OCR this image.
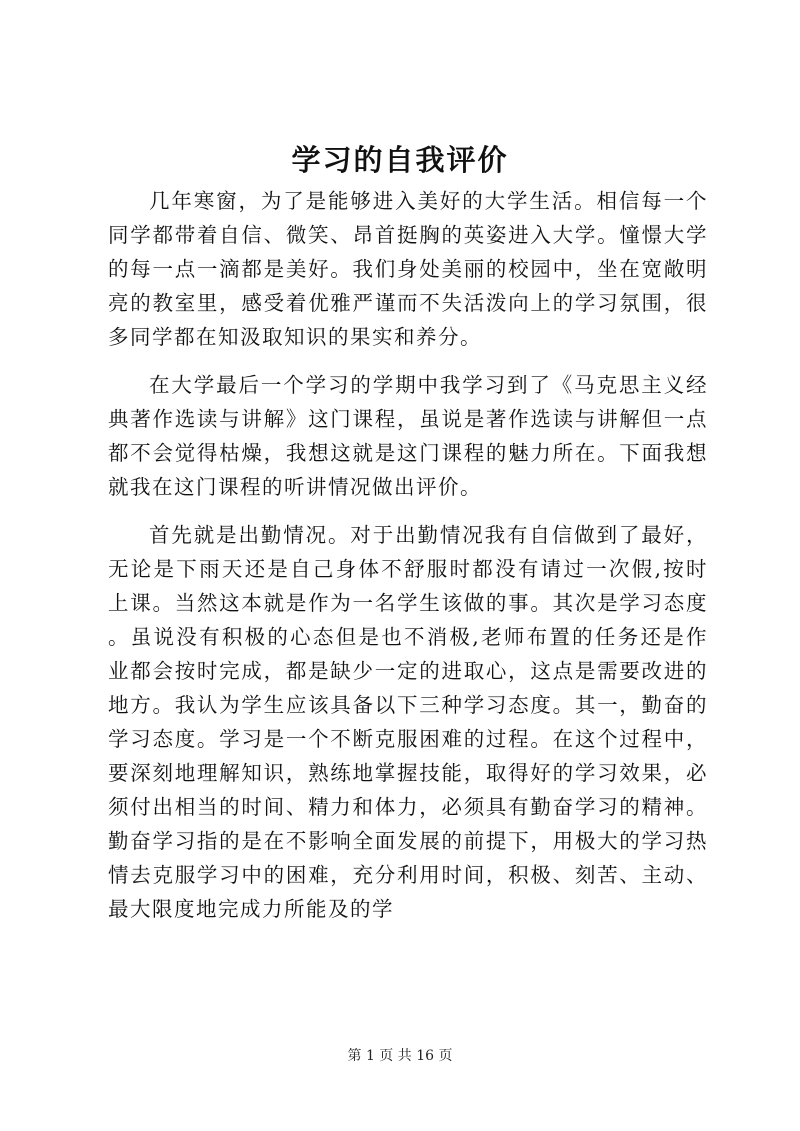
学习的自我评价

几年寒窗，为了是能够进入美好的大学生活。相信每一个同学都带着自信、微笑、昂首挺胸的英姿进入大学。憧憬大学的每一点一滴都是美好。我们身处美丽的校园中，坐在宽敞明亮的教室里，感受着优雅严谨而不失活泼向上的学习氛围，很多同学都在知汲取知识的果实和养分。

在大学最后一个学习的学期中我学习到了《马克思主义经典著作选读与讲解》这门课程，虽说是著作选读与讲解但一点都不会觉得枯燥，我想这就是这门课程的魅力所在。下面我想就我在这门课程的听讲情况做出评价。

首先就是出勤情况。对于出勤情况我有自信做到了最好，无论是下雨天还是自己身体不舒服时都没有请过一次假,按时上课。当然这本就是作为一名学生该做的事。其次是学习态度。虽说没有积极的心态但是也不消极,老师布置的任务还是作业都会按时完成，都是缺少一定的进取心，这点是需要改进的地方。我认为学生应该具备以下三种学习态度。其一，勤奋的学习态度。学习是一个不断克服困难的过程。在这个过程中，要深刻地理解知识，熟练地掌握技能，取得好的学习效果，必须付出相当的时间、精力和体力，必须具有勤奋学习的精神。勤奋学习指的是在不影响全面发展的前提下，用极大的学习热情去克服学习中的困难，充分利用时间，积极、刻苦、主动、最大限度地完成力所能及的学

第 1 页 共 16 页
